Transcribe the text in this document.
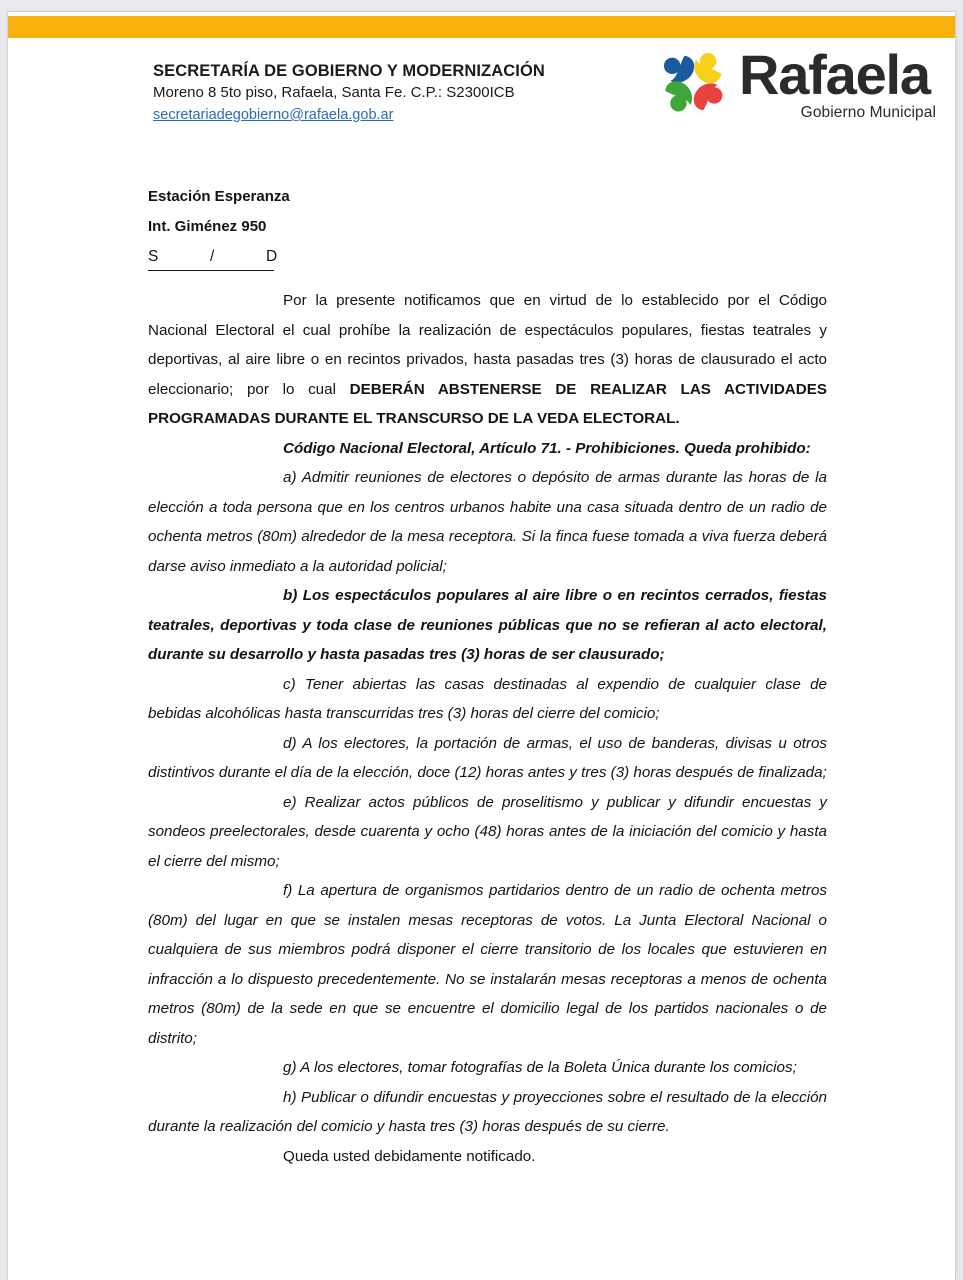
SECRETARÍA DE GOBIERNO Y MODERNIZACIÓN
Moreno 8 5to piso, Rafaela, Santa Fe. C.P.: S2300ICB
secretariadegobierno@rafaela.gob.ar
Rafaela
Gobierno Municipal
Estación Esperanza
Int. Giménez 950
S            /            D

Por la presente notificamos que en virtud de lo establecido por el Código Nacional Electoral el cual prohíbe la realización de espectáculos populares, fiestas teatrales y deportivas, al aire libre o en recintos privados, hasta pasadas tres (3) horas de clausurado el acto eleccionario; por lo cual DEBERÁN ABSTENERSE DE REALIZAR LAS ACTIVIDADES PROGRAMADAS DURANTE EL TRANSCURSO DE LA VEDA ELECTORAL.

Código Nacional Electoral, Artículo 71. - Prohibiciones. Queda prohibido:

a) Admitir reuniones de electores o depósito de armas durante las horas de la elección a toda persona que en los centros urbanos habite una casa situada dentro de un radio de ochenta metros (80m) alrededor de la mesa receptora. Si la finca fuese tomada a viva fuerza deberá darse aviso inmediato a la autoridad policial;

b) Los espectáculos populares al aire libre o en recintos cerrados, fiestas teatrales, deportivas y toda clase de reuniones públicas que no se refieran al acto electoral, durante su desarrollo y hasta pasadas tres (3) horas de ser clausurado;

c) Tener abiertas las casas destinadas al expendio de cualquier clase de bebidas alcohólicas hasta transcurridas tres (3) horas del cierre del comicio;

d) A los electores, la portación de armas, el uso de banderas, divisas u otros distintivos durante el día de la elección, doce (12) horas antes y tres (3) horas después de finalizada;

e) Realizar actos públicos de proselitismo y publicar y difundir encuestas y sondeos preelectorales, desde cuarenta y ocho (48) horas antes de la iniciación del comicio y hasta el cierre del mismo;

f) La apertura de organismos partidarios dentro de un radio de ochenta metros (80m) del lugar en que se instalen mesas receptoras de votos. La Junta Electoral Nacional o cualquiera de sus miembros podrá disponer el cierre transitorio de los locales que estuvieren en infracción a lo dispuesto precedentemente. No se instalarán mesas receptoras a menos de ochenta metros (80m) de la sede en que se encuentre el domicilio legal de los partidos nacionales o de distrito;

g) A los electores, tomar fotografías de la Boleta Única durante los comicios;

h) Publicar o difundir encuestas y proyecciones sobre el resultado de la elección durante la realización del comicio y hasta tres (3) horas después de su cierre.

Queda usted debidamente notificado.
